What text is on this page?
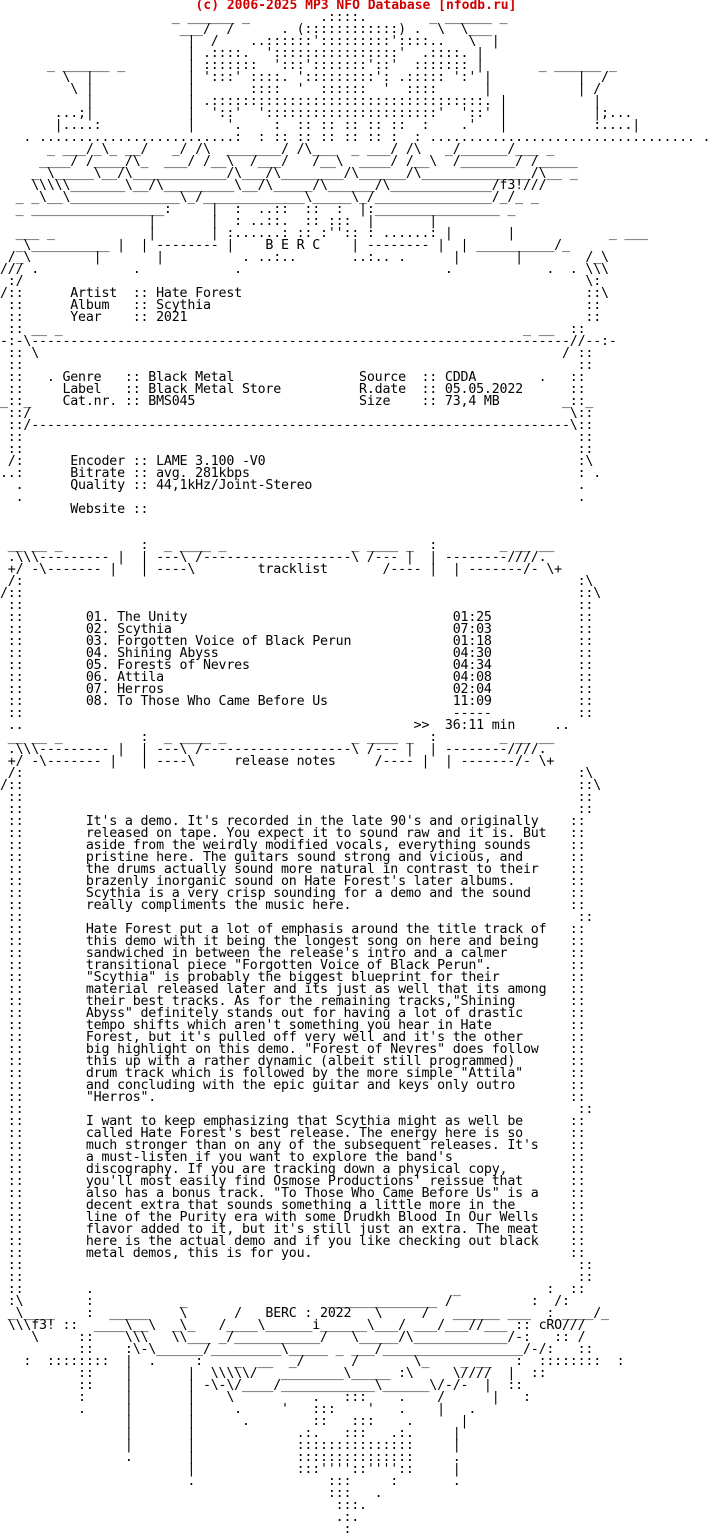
(c) 2006-2025 MP3 NFO Database [nfodb.ru]
_ ______ _         .::::.        _ ______ _
___/  /      . (::::::::::::) .  \  \___
|  /    ..::::::':::::::::'::::..   \  |
| .::::.  '::::::::::::::::'  .::::. |
_ ______ _        | :::::::  ':::':::::::'::'  ::::::: |       _ ______ _
\  |            | ':::' ::::. ':::::::::': .::::: ':' |           |  /
\ |            |       ::::  '  ::::::  '  ::::      |           | /
|            | .:::::::::::::::::::::::::::::::::::. |           |
...;|            |  '::'  '::::::::::::::::::::::'  '::' |           |;...
|....:           |    '.    :  :: :: :: :: ::  :    .'   |           :....|
. .........................:  : :: :: :: :: :: :  : .................................. .
_ ___/_\_ __/   _/ /\  _______/ /\___  _ ___/ /\   _/______/___ _
____/ /____/\_  ___/ /__\  /___/   /__\  ____/ /__\  /_______/ /_____
_ \_____\__/\____________/\___/\________/\______/\______________/\__ _
\\\\\_______\__/\_________\__/\_____/\______/\_____________/f3!///
_ _\__\______________\_/_____________\_____\_/_______________/_/_ _
_ _________________:     |  :  ..::  ::  :  |:________________ _
|       |  : ..::.  :: :::  |       |
___ _            |       | :......: :: :'':: : ......: |       |            _ ___
_\__________ |  | -------- |    B E R C    | -------- |  | __________/_
/_\        |       |          . ..:..       ..:.. .      |       |        /_\
/// .            .            .                          .            .  . \\\
:/                                                                        \:
/::      Artist  :: Hate Forest                                            ::\
::      Album   :: Scythia                                                ::
::      Year    :: 2021                                                   ::
:: __ _                                                           _ __  ::
-:-\---------------------------------------------------------------------//--:-
:: \                                                                   / ::
::                                                                       ::
::   . Genre   :: Black Metal                Source  :: CDDA        .   ::
::     Label   :: Black Metal Store          R.date  :: 05.05.2022      ::
_::_    Cat.nr. :: BMS045                     Size    :: 73,4 MB        _::_
::/                                                                     \::
::/---------------------------------------------------------------------\::
::                                                                       ::
::                                                                       ::
/:      Encoder :: LAME 3.100 -V0                                        :\
..:      Bitrate :: avg. 281kbps                                          : .
.      Quality :: 44,1kHz/Joint-Stereo                                  .
.                                                                       .
Website ::

__ __ _          :  _ ____ _                _ ____ _  :        _ __ __
.\\\--------- |  | ---\ /-------------------\ /--- |  | --------////.
+/ -\------- |   | ----\        tracklist       /---- |  | -------/- \+
/:                                                                       :\
/::                                                                       ::\
::                                                                       ::
::        01. The Unity                                  01:25           ::
::        02. Scythia                                    07:03           ::
::        03. Forgotten Voice of Black Perun             01:18           ::
::        04. Shining Abyss                              04:30           ::
::        05. Forests of Nevres                          04:34           ::
::        06. Attila                                     04:08           ::
::        07. Herros                                     02:04           ::
::        08. To Those Who Came Before Us                11:09           ::
::                                                       -----           ::
..                                                  >>  36:11 min     ..
__ __ _          :  _ ____ _                _ ____ _  :        _ __ __
.\\\--------- |  | ---\ /-------------------\ /--- |  | --------////.
+/ -\------- |   | ----\     release notes     /---- |  | -------/- \+
/:                                                                       :\
/::                                                                       ::\
::                                                                       ::
::                                                                       ::
::        It's a demo. It's recorded in the late 90's and originally    ::
::        released on tape. You expect it to sound raw and it is. But   ::
::        aside from the weirdly modified vocals, everything sounds     ::
::        pristine here. The guitars sound strong and vicious, and      ::
::        the drums actually sound more natural in contrast to their    ::
::        brazenly inorganic sound on Hate Forest's later albums.       ::
::        Scythia is a very crisp sounding for a demo and the sound     ::
::        really compliments the music here.                            ::
::                                                                       ::
::        Hate Forest put a lot of emphasis around the title track of   ::
::        this demo with it being the longest song on here and being    ::
::        sandwiched in between the release's intro and a calmer        ::
::        transitional piece "Forgotten Voice of Black Perun".          ::
::        "Scythia" is probably the biggest blueprint for their         ::
::        material released later and its just as well that its among   ::
::        their best tracks. As for the remaining tracks,"Shining       ::
::        Abyss" definitely stands out for having a lot of drastic      ::
::        tempo shifts which aren't something you hear in Hate          ::
::        Forest, but it's pulled off very well and it's the other      ::
::        big highlight on this demo. "Forest of Nevres" does follow    ::
::        this up with a rather dynamic (albeit still programmed)       ::
::        drum track which is followed by the more simple "Attila"      ::
::        and concluding with the epic guitar and keys only outro       ::
::        "Herros".                                                     ::
::                                                                       ::
::        I want to keep emphasizing that Scythia might as well be      ::
::        called Hate Forest's best release. The energy here is so      ::
::        much stronger than on any of the subsequent releases. It's    ::
::        a must-listen if you want to explore the band's               ::
::        discography. If you are tracking down a physical copy,        ::
::        you'll most easily find Osmose Productions' reissue that      ::
::        also has a bonus track. "To Those Who Came Before Us" is a    ::
::        decent extra that sounds something a little more in the       ::
::        line of the Purity era with some Drudkh Blood In Our Wells    ::
::        flavor added to it, but it's still just an extra. The meat    ::
::        here is the actual demo and if you like checking out black    ::
::        metal demos, this is for you.                                 ::
::                                                                       ::
::                                                                       ::
::        .                                              _           :  ::
:\        :           _                  ______________ /          :  /:
_\____    :  _____    \      /   BERC : 2022   \     /   ______ ___  : ____/_
\\\f3! ::  ____\__\  _\_   /____\______i______\___/ ___/___//___ :: cRO///
\     ::    \\\   \\___ _/___________/   \_____/\____________/-:   :: /
::    :\-\______/_________\_____ _ ___/__________________/-/:   ::
:  ::::::::  |  .     :    _  __  _/      /       \_    _ __   :  ::::::::  :
::    |       |  \\\\\/   ________\_____ :\     \////  |  ::
::    |       | -\-\/____/____________\______\/-/-  |  ::
:     |       |    \          .   :::    .    /      |   :
.     |       |     .     '   :::    '   .    |   .
|       |      .        ::   :::    .      |
|       |             .:.   :::   .:.     |
|       |             :::::::::::::::     |
.       |             :::::::::::::::     .
|             :::''''::''''::     |
.                 :::     :       .
:::   .
:::.
.:.
:
